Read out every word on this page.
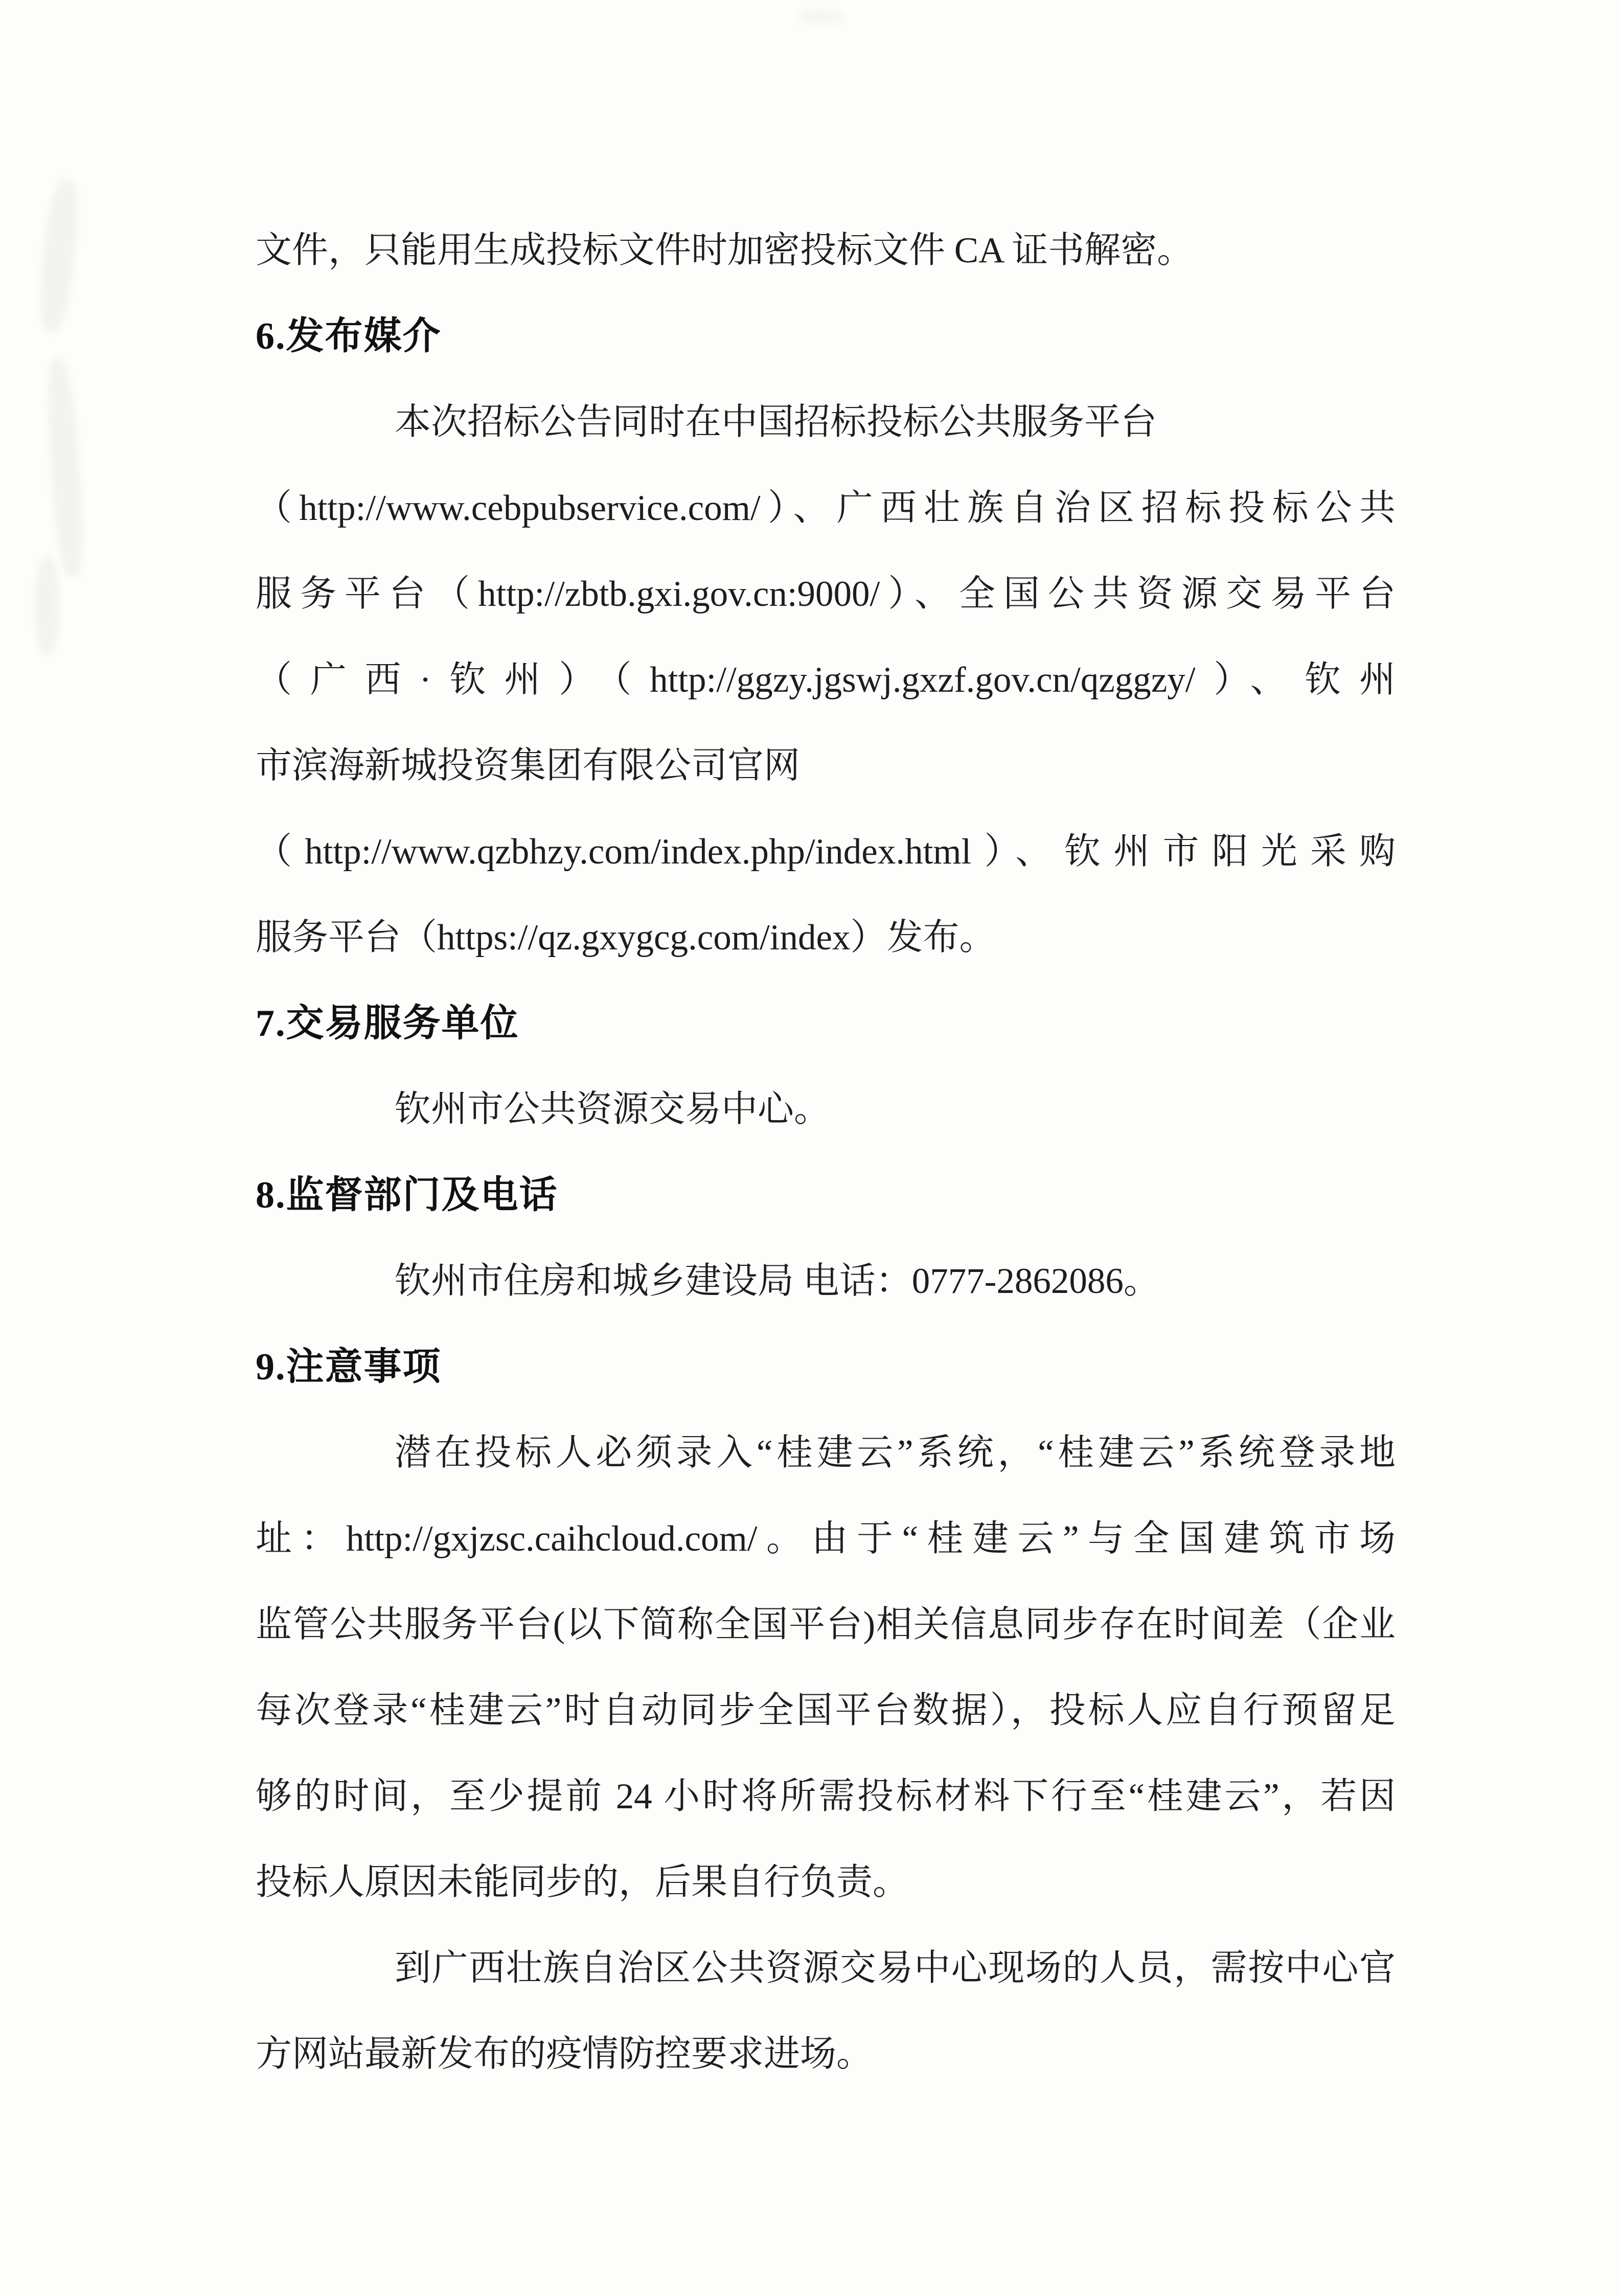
文件，只能用生成投标文件时加密投标文件 CA 证书解密。

6.发布媒介

本次招标公告同时在中国招标投标公共服务平台

（http://www.cebpubservice.com/）、广西壮族自治区招标投标公共

服务平台（http://zbtb.gxi.gov.cn:9000/）、全国公共资源交易平台

（广西·钦州）（http://ggzy.jgswj.gxzf.gov.cn/qzggzy/）、钦州

市滨海新城投资集团有限公司官网

（http://www.qzbhzy.com/index.php/index.html）、钦州市阳光采购

服务平台（https://qz.gxygcg.com/index）发布。

7.交易服务单位

钦州市公共资源交易中心。

8.监督部门及电话

钦州市住房和城乡建设局 电话：0777-2862086。

9.注意事项

潜在投标人必须录入“桂建云”系统，“桂建云”系统登录地

址：http://gxjzsc.caihcloud.com/。由于“桂建云”与全国建筑市场

监管公共服务平台(以下简称全国平台)相关信息同步存在时间差（企业

每次登录“桂建云”时自动同步全国平台数据），投标人应自行预留足

够的时间，至少提前 24 小时将所需投标材料下行至“桂建云”，若因

投标人原因未能同步的，后果自行负责。

到广西壮族自治区公共资源交易中心现场的人员，需按中心官

方网站最新发布的疫情防控要求进场。
